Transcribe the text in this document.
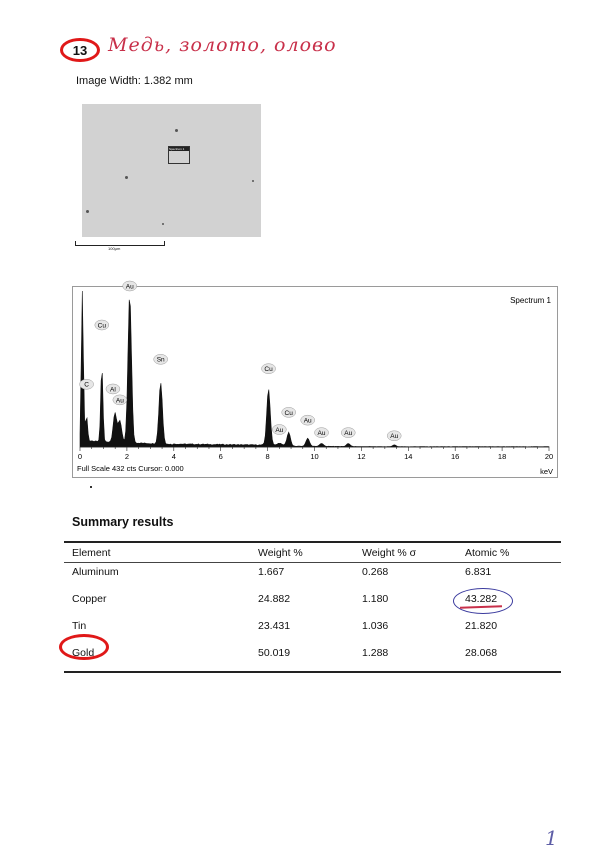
13 Медь, золото, олово
Image Width: 1.382 mm
Spectrum 1
100µm
Spectrum 1
C
Cu
Al
Au
Au
Sn
Cu
Au
Cu
Au
Au	Au	Au
0	2	4	6	8	10	12	14	16	18	20
Full Scale 432 cts Cursor: 0.000	keV
Summary results
Element	Weight %	Weight % σ	Atomic %
Aluminum	1.667	0.268	6.831
Copper	24.882	1.180	43.282
Tin	23.431	1.036	21.820
Gold	50.019	1.288	28.068
1
